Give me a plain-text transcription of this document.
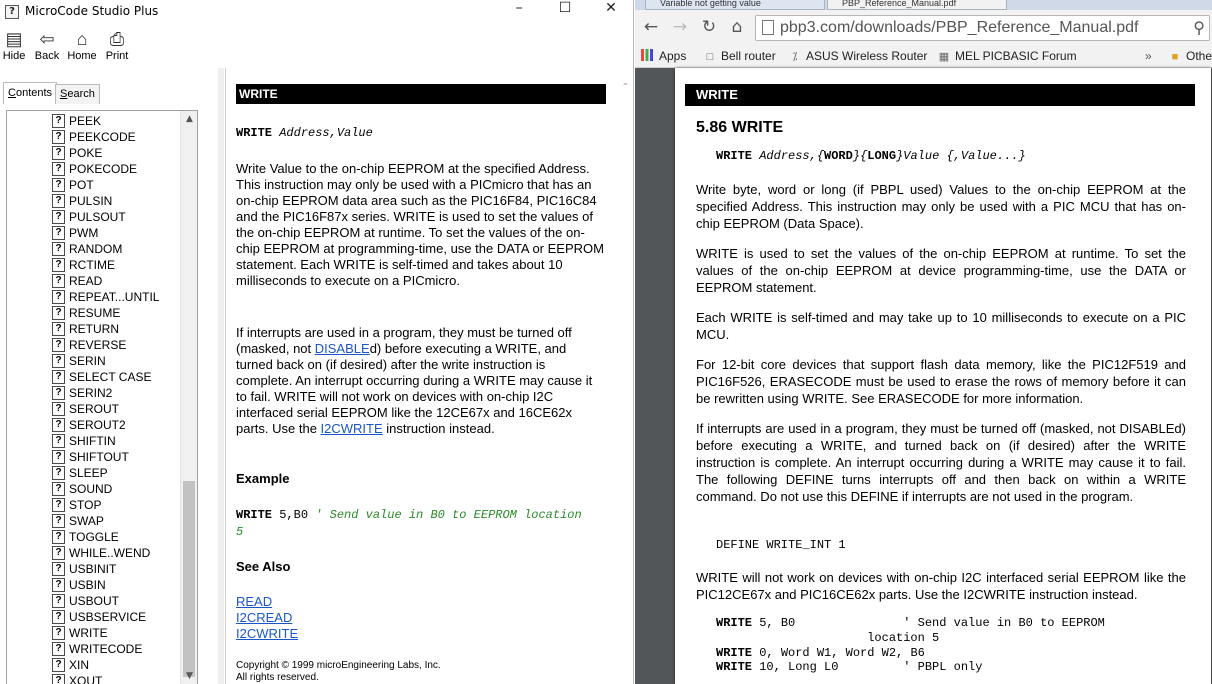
? MicroCode Studio Plus	–	☐	✕
▤
Hide
⇦
Back
⌂
Home
⎙
Print
Contents Search
? PEEK
? PEEKCODE
? POKE
? POKECODE
? POT
? PULSIN
? PULSOUT
? PWM
? RANDOM
? RCTIME
? READ
? REPEAT...UNTIL
? RESUME
? RETURN
? REVERSE
? SERIN
? SELECT CASE
? SERIN2
? SEROUT
? SEROUT2
? SHIFTIN
? SHIFTOUT
? SLEEP
? SOUND
? STOP
? SWAP
? TOGGLE
? WHILE..WEND
? USBINIT
? USBIN
? USBOUT
? USBSERVICE
? WRITE
? WRITECODE
? XIN
? XOUT
▲
▼
WRITE
WRITE Address,Value
Write Value to the on-chip EEPROM at the specified Address. This instruction may only be used with a PICmicro that has an on-chip EEPROM data area such as the PIC16F84, PIC16C84 and the PIC16F87x series. WRITE is used to set the values of the on-chip EEPROM at runtime. To set the values of the on-chip EEPROM at programming-time, use the DATA or EEPROM statement. Each WRITE is self-timed and takes about 10 milliseconds to execute on a PICmicro.
If interrupts are used in a program, they must be turned off (masked, not DISABLEd) before executing a WRITE, and turned back on (if desired) after the write instruction is complete. An interrupt occurring during a WRITE may cause it to fail. WRITE will not work on devices with on-chip I2C interfaced serial EEPROM like the 12CE67x and 16CE62x parts. Use the I2CWRITE instruction instead.
Example
WRITE 5,B0 ' Send value in B0 to EEPROM location 5
See Also
READ
I2CREAD
I2CWRITE
Copyright © 1999 microEngineering Labs, Inc.
All rights reserved.
⌃
Variable not getting value	PBP_Reference_Manual.pdf
← → ↻ ⌂	pbp3.com/downloads/PBP_Reference_Manual.pdf	⚲
Apps	□ Bell router	⁒ ASUS Wireless Router ▦ MEL PICBASIC Forum	»	■ Othe
WRITE
5.86 WRITE
WRITE Address,{WORD}{LONG}Value {,Value...}
Write byte, word or long (if PBPL used) Values to the on-chip EEPROM at the specified Address. This instruction may only be used with a PIC MCU that has on-chip EEPROM (Data Space).
WRITE is used to set the values of the on-chip EEPROM at runtime. To set the values of the on-chip EEPROM at device programming-time, use the DATA or EEPROM statement.
Each WRITE is self-timed and may take up to 10 milliseconds to execute on a PIC MCU.
For 12-bit core devices that support flash data memory, like the PIC12F519 and PIC16F526, ERASECODE must be used to erase the rows of memory before it can be rewritten using WRITE. See ERASECODE for more information.
If interrupts are used in a program, they must be turned off (masked, not DISABLEd) before executing a WRITE, and turned back on (if desired) after the WRITE instruction is complete. An interrupt occurring during a WRITE may cause it to fail. The following DEFINE turns interrupts off and then back on within a WRITE command. Do not use this DEFINE if interrupts are not used in the program.
DEFINE WRITE_INT 1
WRITE will not work on devices with on-chip I2C interfaced serial EEPROM like the PIC12CE67x and PIC16CE62x parts. Use the I2CWRITE instruction instead.
WRITE 5, B0               ' Send value in B0 to EEPROM
location 5
WRITE 0, Word W1, Word W2, B6
WRITE 10, Long L0         ' PBPL only
